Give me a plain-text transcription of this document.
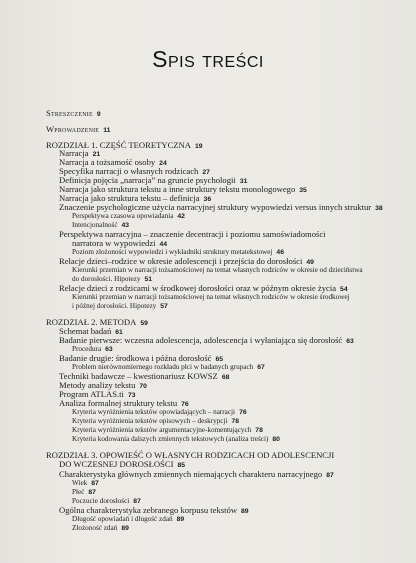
Spis treści
Streszczenie 9
Wprowadzenie 11
ROZDZIAŁ 1. CZĘŚĆ TEORETYCZNA 19
Narracja 21
Narracja a tożsamość osoby 24
Specyfika narracji o własnych rodzicach 27
Definicja pojęcia „narracja” na gruncie psychologii 31
Narracja jako struktura tekstu a inne struktury tekstu monologowego 35
Narracja jako struktura tekstu – definicja 36
Znaczenie psychologiczne użycia narracyjnej struktury wypowiedzi versus innych struktur 38
Perspektywa czasowa opowiadania 42
Intencjonalność 43
Perspektywa narracyjna – znaczenie decentracji i poziomu samoświadomości
narratora w wypowiedzi 44
Poziom złożoności wypowiedzi i wykładniki struktury metatekstowej 46
Relacje dzieci–rodzice w okresie adolescencji i przejścia do dorosłości 49
Kierunki przemian w narracji tożsamościowej na temat własnych rodziców w okresie od dzieciństwa
do dorosłości. Hipotezy 51
Relacje dzieci z rodzicami w środkowej dorosłości oraz w późnym okresie życia 54
Kierunki przemian w narracji tożsamościowej na temat własnych rodziców w okresie środkowej
i późnej dorosłości. Hipotezy 57
ROZDZIAŁ 2. METODA 59
Schemat badań 61
Badanie pierwsze: wczesna adolescencja, adolescencja i wyłaniająca się dorosłość 63
Procedura 63
Badanie drugie: środkowa i późna dorosłość 65
Problem nierównomiernego rozkładu płci w badanych grupach 67
Techniki badawcze – kwestionariusz KOWSZ 68
Metody analizy tekstu 70
Program ATLAS.ti 73
Analiza formalnej struktury tekstu 76
Kryteria wyróżnienia tekstów opowiadających – narracji 76
Kryteria wyróżnienia tekstów opisowych – deskrypcji 78
Kryteria wyróżnienia tekstów argumentacyjne-komentujących 78
Kryteria kodowania dalszych zmiennych tekstowych (analiza treści) 80
ROZDZIAŁ 3. OPOWIEŚĆ O WŁASNYCH RODZICACH OD ADOLESCENCJI
DO WCZESNEJ DOROSŁOŚCI 85
Charakterystyka głównych zmiennych niemających charakteru narracyjnego 87
Wiek 87
Płeć 87
Poczucie dorosłości 87
Ogólna charakterystyka zebranego korpusu tekstów 89
Długość opowiadań i długość zdań 89
Złożoność zdań 89
